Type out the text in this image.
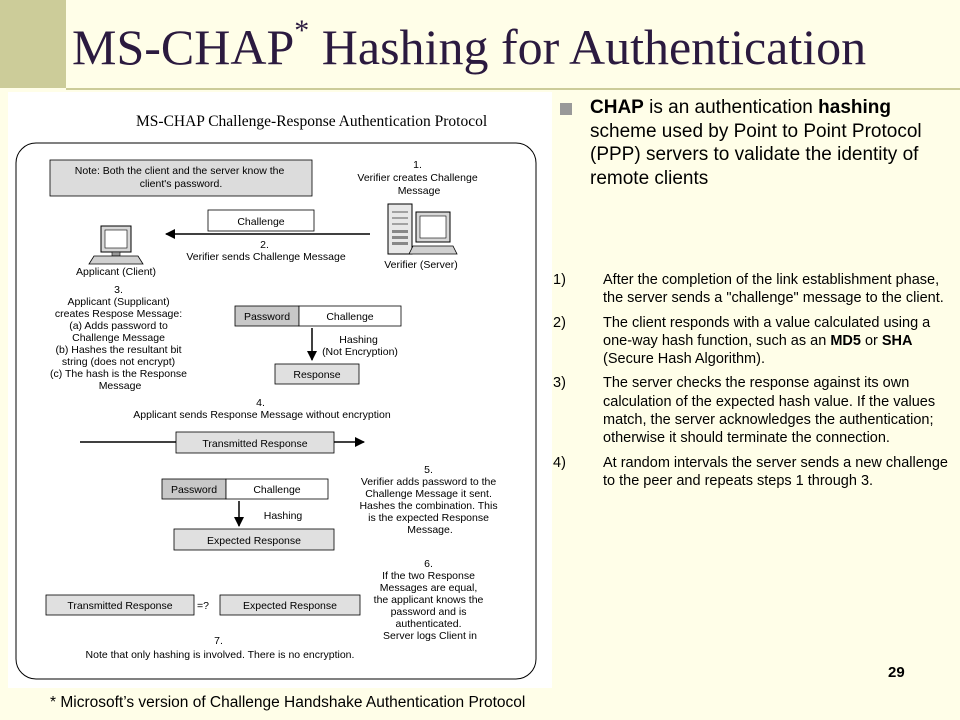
MS-CHAP* Hashing for Authentication
MS-CHAP Challenge-Response Authentication Protocol
Note: Both the client and the server know the client's password.
1. Verifier creates Challenge Message
Challenge
2. Verifier sends Challenge Message
Applicant (Client)
Verifier (Server)
3. Applicant (Supplicant) creates Respose Message: (a) Adds password to Challenge Message (b) Hashes the resultant bit string (does not encrypt) (c) The hash is the Response Message
Password	Challenge
Hashing (Not Encryption)
Response
4. Applicant sends Response Message without encryption
Transmitted Response
5. Verifier adds password to the Challenge Message it sent. Hashes the combination. This is the expected Response Message.
Password	Challenge
Hashing
Expected Response
6. If the two Response Messages are equal, the applicant knows the password and is authenticated. Server logs Client in
Transmitted Response =?	Expected Response
7. Note that only hashing is involved. There is no encryption.
CHAP is an authentication hashing scheme used by Point to Point Protocol (PPP) servers to validate the identity of remote clients
1)	After the completion of the link establishment phase, the server sends a "challenge" message to the client.
2)	The client responds with a value calculated using a one-way hash function, such as an MD5 or SHA (Secure Hash Algorithm).
3)	The server checks the response against its own calculation of the expected hash value. If the values match, the server acknowledges the authentication; otherwise it should terminate the connection.
4)	At random intervals the server sends a new challenge to the peer and repeats steps 1 through 3.
29
* Microsoft’s version of Challenge Handshake Authentication Protocol
